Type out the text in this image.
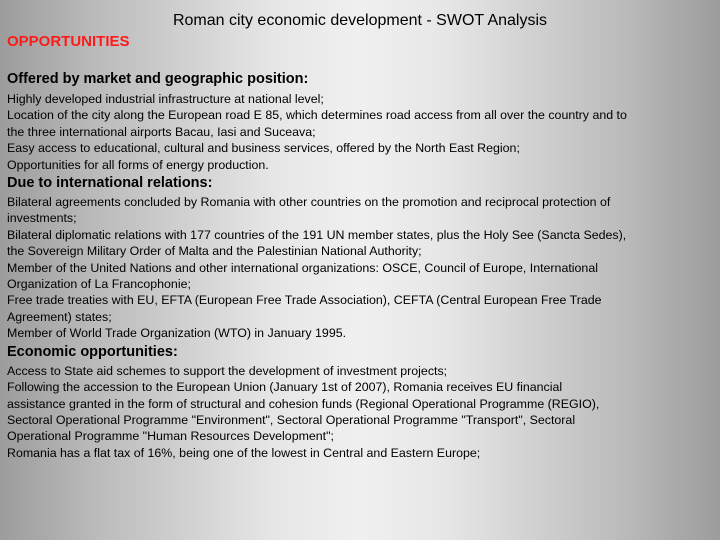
Roman city economic development - SWOT Analysis
OPPORTUNITIES
Offered by market and geographic position:
Highly developed industrial infrastructure at national level;
Location of the city along the European road E 85, which determines road access from all over the country and to
the three international airports Bacau, Iasi and Suceava;
Easy access to educational, cultural and business services, offered by the North East Region;
Opportunities for all forms of energy production.
Due to international relations:
Bilateral agreements concluded by Romania with other countries on the promotion and reciprocal protection of
investments;
Bilateral diplomatic relations with 177 countries of the 191 UN member states, plus the Holy See (Sancta Sedes),
the Sovereign Military Order of Malta and the Palestinian National Authority;
Member of the United Nations and other international organizations: OSCE, Council of Europe, International
Organization of La Francophonie;
Free trade treaties with EU, EFTA (European Free Trade Association), CEFTA (Central European Free Trade
Agreement) states;
Member of World Trade Organization (WTO) in January 1995.
Economic opportunities:
Access to State aid schemes to support the development of investment projects;
Following the accession to the European Union (January 1st of 2007), Romania receives EU financial
assistance granted in the form of structural and cohesion funds (Regional Operational Programme (REGIO),
Sectoral Operational Programme "Environment", Sectoral Operational Programme "Transport", Sectoral
Operational Programme "Human Resources Development";
Romania has a flat tax of 16%, being one of the lowest in Central and Eastern Europe;
